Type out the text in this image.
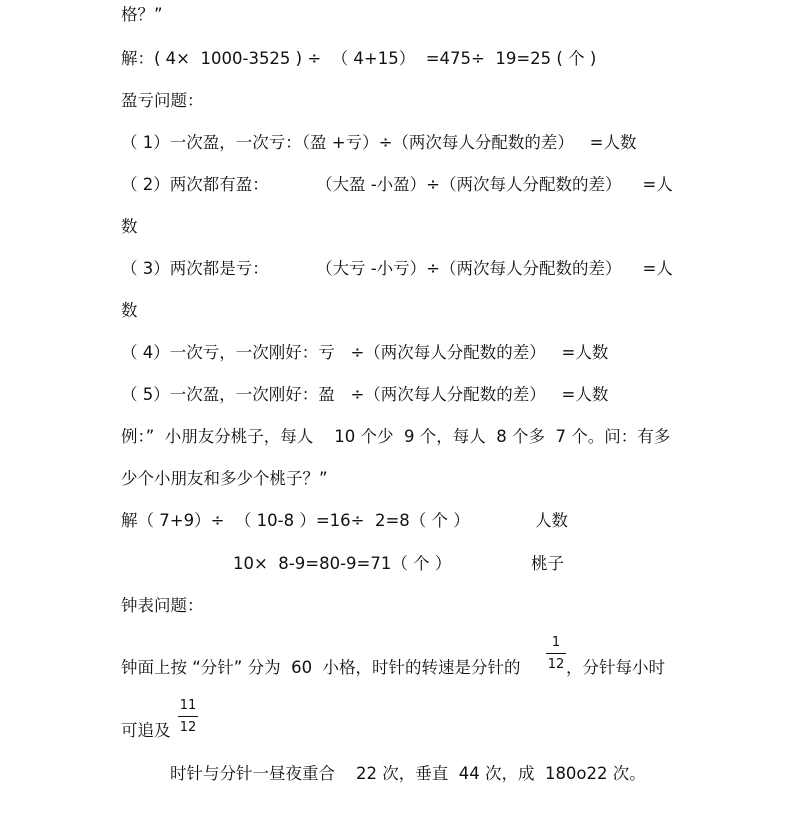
格？”
解：( 4×  1000-3525 ) ÷  （ 4+15）  =475÷  19=25 ( 个 )
盈亏问题：
（ 1）一次盈，一次亏：（盈 +亏）÷（两次每人分配数的差）   =人数
（ 2）两次都有盈：         （大盈 -小盈）÷（两次每人分配数的差）    =人
数
（ 3）两次都是亏：         （大亏 -小亏）÷（两次每人分配数的差）    =人
数
（ 4）一次亏，一次刚好：亏   ÷（两次每人分配数的差）   =人数
（ 5）一次盈，一次刚好：盈   ÷（两次每人分配数的差）   =人数
例：”  小朋友分桃子，每人    10 个少  9 个，每人  8 个多  7 个。问：有多
少个小朋友和多少个桃子？”
解（ 7+9）÷  （ 10-8 ）=16÷  2=8（ 个 ）	人数
10×  8-9=80-9=71（ 个 ）	桃子
钟表问题：
钟面上按 “分针” 分为  60  小格，时针的转速是分针的
1
12 ，分针每小时
可追及
11
12
时针与分针一昼夜重合    22 次，垂直  44 次，成  180o22 次。
